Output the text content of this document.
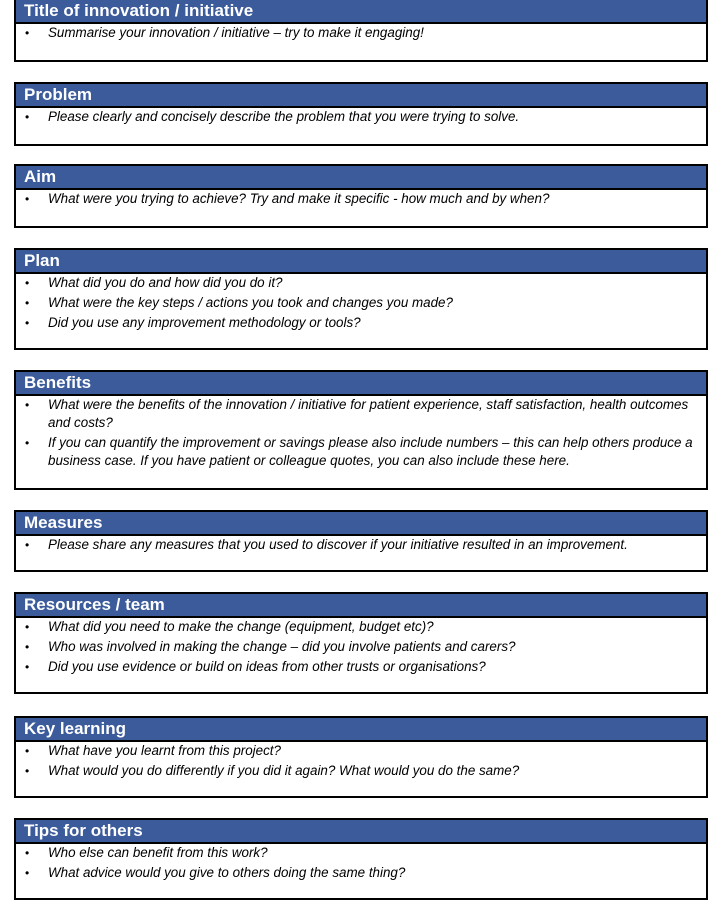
Title of innovation / initiative
• Summarise your innovation / initiative – try to make it engaging!
Problem
• Please clearly and concisely describe the problem that you were trying to solve.
Aim
• What were you trying to achieve? Try and make it specific - how much and by when?
Plan
• What did you do and how did you do it?
• What were the key steps / actions you took and changes you made?
• Did you use any improvement methodology or tools?
Benefits
• What were the benefits of the innovation / initiative for patient experience, staff satisfaction, health outcomes and costs?
• If you can quantify the improvement or savings please also include numbers – this can help others produce a business case. If you have patient or colleague quotes, you can also include these here.
Measures
• Please share any measures that you used to discover if your initiative resulted in an improvement.
Resources / team
• What did you need to make the change (equipment, budget etc)?
• Who was involved in making the change – did you involve patients and carers?
• Did you use evidence or build on ideas from other trusts or organisations?
Key learning
• What have you learnt from this project?
• What would you do differently if you did it again? What would you do the same?
Tips for others
• Who else can benefit from this work?
• What advice would you give to others doing the same thing?
